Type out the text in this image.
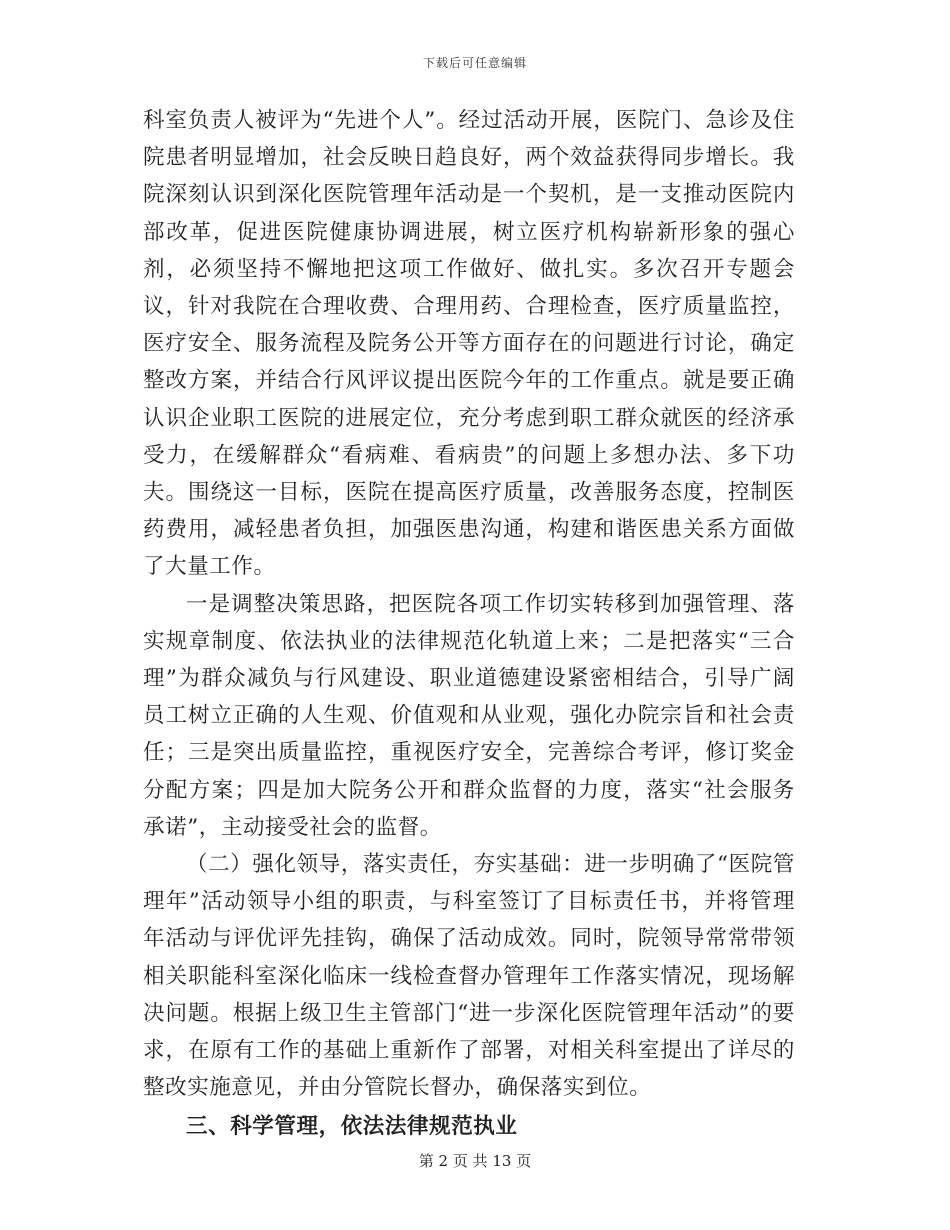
下载后可任意编辑

科室负责人被评为“先进个人”。经过活动开展，医院门、急诊及住院患者明显增加，社会反映日趋良好，两个效益获得同步增长。我院深刻认识到深化医院管理年活动是一个契机，是一支推动医院内部改革，促进医院健康协调进展，树立医疗机构崭新形象的强心剂，必须坚持不懈地把这项工作做好、做扎实。多次召开专题会议，针对我院在合理收费、合理用药、合理检查，医疗质量监控，医疗安全、服务流程及院务公开等方面存在的问题进行讨论，确定整改方案，并结合行风评议提出医院今年的工作重点。就是要正确认识企业职工医院的进展定位，充分考虑到职工群众就医的经济承受力，在缓解群众“看病难、看病贵”的问题上多想办法、多下功夫。围绕这一目标，医院在提高医疗质量，改善服务态度，控制医药费用，减轻患者负担，加强医患沟通，构建和谐医患关系方面做了大量工作。

一是调整决策思路，把医院各项工作切实转移到加强管理、落实规章制度、依法执业的法律规范化轨道上来；二是把落实“三合理”为群众减负与行风建设、职业道德建设紧密相结合，引导广阔员工树立正确的人生观、价值观和从业观，强化办院宗旨和社会责任；三是突出质量监控，重视医疗安全，完善综合考评，修订奖金分配方案；四是加大院务公开和群众监督的力度，落实“社会服务承诺”，主动接受社会的监督。

（二）强化领导，落实责任，夯实基础：进一步明确了“医院管理年”活动领导小组的职责，与科室签订了目标责任书，并将管理年活动与评优评先挂钩，确保了活动成效。同时，院领导常常带领相关职能科室深化临床一线检查督办管理年工作落实情况，现场解决问题。根据上级卫生主管部门“进一步深化医院管理年活动”的要求，在原有工作的基础上重新作了部署，对相关科室提出了详尽的整改实施意见，并由分管院长督办，确保落实到位。

三、科学管理，依法法律规范执业

第 2 页 共 13 页
